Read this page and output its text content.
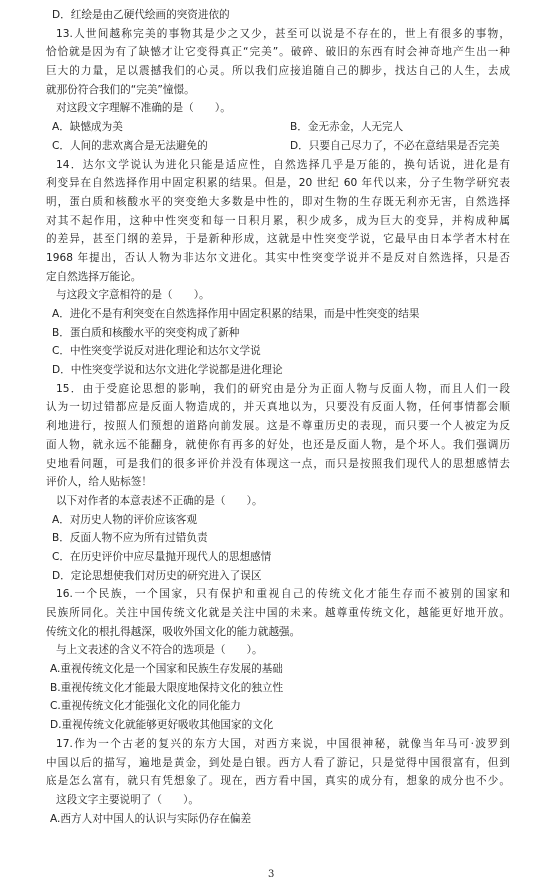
D．红绘是由乙硬代绘画的突资进依的
13.人世间越称完美的事物其是少之又少，甚至可以说是不存在的，世上有很多的事物，
恰恰就是因为有了缺憾才让它变得真正“完美”。破碎、破旧的东西有时会神奇地产生出一种
巨大的力量，足以震撼我们的心灵。所以我们应接追随自己的脚步，找达自己的人生，去成
就那份符合我们的“完美”憧憬。
对这段文字理解不准确的是（　　）。
A．缺憾成为美	B．金无赤金，人无完人
C．人间的悲欢离合是无法避免的	D．只要自己尽力了，不必在意结果是否完美
14．达尔文学说认为进化只能是适应性，自然选择几乎是万能的，换句话说，进化是有
利变异在自然选择作用中固定积累的结果。但是，20 世纪 60 年代以来，分子生物学研究表
明，蛋白质和核酸水平的突变绝大多数是中性的，即对生物的生存既无利亦无害，自然选择
对其不起作用，这种中性突变和每一日积月累，积少成多，成为巨大的变异，并构成种属
的差异，甚至门纲的差异，于是新种形成，这就是中性突变学说，它最早由日本学者木村在
1968 年提出，否认人物为非达尔文进化。其实中性突变学说并不是反对自然选择，只是否
定自然选择万能论。
与这段文字意相符的是（　　）。
A．进化不是有利突变在自然选择作用中固定积累的结果，而是中性突变的结果
B．蛋白质和核酸水平的突变构成了新种
C．中性突变学说反对进化理论和达尔文学说
D．中性突变学说和达尔文进化学说都是进化理论
15．由于受庭论思想的影响，我们的研究由是分为正面人物与反面人物，而且人们一段
认为一切过错都应是反面人物造成的，并天真地以为，只要没有反面人物，任何事情都会顺
利地进行，按照人们预想的道路向前发展。这是不尊重历史的表现，而只要一个人被定为反
面人物，就永远不能翻身，就使你有再多的好处，也还是反面人物，是个坏人。我们强调历
史地看问题，可是我们的很多评价并没有体现这一点，而只是按照我们现代人的思想感情去
评价人，给人贴标签！
以下对作者的本意表述不正确的是（　　）。
A．对历史人物的评价应该客观
B．反面人物不应为所有过错负责
C．在历史评价中应尽量抛开现代人的思想感情
D．定论思想使我们对历史的研究进入了误区
16.一个民族，一个国家，只有保护和重视自己的传统文化才能生存而不被别的国家和
民族所同化。关注中国传统文化就是关注中国的未来。越尊重传统文化，越能更好地开放。
传统文化的根扎得越深，吸收外国文化的能力就越强。
与上文表述的含义不符合的选项是（　　）。
A.重视传统文化是一个国家和民族生存发展的基础
B.重视传统文化才能最大限度地保持文化的独立性
C.重视传统文化才能强化文化的同化能力
D.重视传统文化就能够更好吸收其他国家的文化
17.作为一个古老的复兴的东方大国，对西方来说，中国很神秘，就像当年马可·波罗到
中国以后的描写，遍地是黄金，到处是白银。西方人看了游记，只是觉得中国很富有，但到
底是怎么富有，就只有凭想象了。现在，西方看中国，真实的成分有，想象的成分也不少。
这段文字主要说明了（　　）。
A.西方人对中国人的认识与实际仍存在偏差
3
